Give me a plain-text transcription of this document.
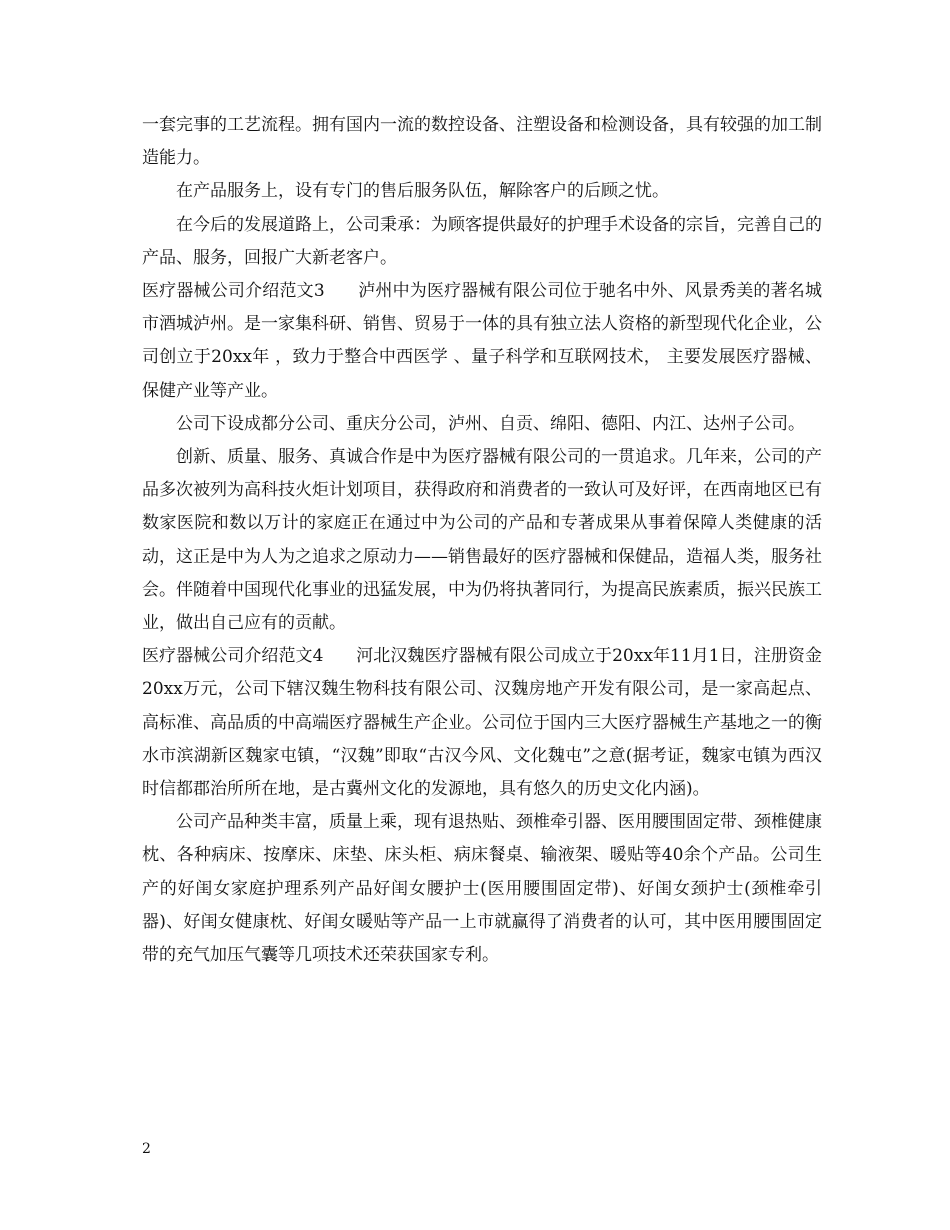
一套完事的工艺流程。拥有国内一流的数控设备、注塑设备和检测设备，具有较强的加工制造能力。

在产品服务上，设有专门的售后服务队伍，解除客户的后顾之忧。

在今后的发展道路上，公司秉承：为顾客提供最好的护理手术设备的宗旨，完善自己的产品、服务，回报广大新老客户。

医疗器械公司介绍范文3 泸州中为医疗器械有限公司位于驰名中外、风景秀美的著名城市酒城泸州。是一家集科研、销售、贸易于一体的具有独立法人资格的新型现代化企业，公司创立于20xx年 ，致力于整合中西医学 、量子科学和互联网技术， 主要发展医疗器械、保健产业等产业。

公司下设成都分公司、重庆分公司，泸州、自贡、绵阳、德阳、内江、达州子公司。

创新、质量、服务、真诚合作是中为医疗器械有限公司的一贯追求。几年来，公司的产品多次被列为高科技火炬计划项目，获得政府和消费者的一致认可及好评，在西南地区已有数家医院和数以万计的家庭正在通过中为公司的产品和专著成果从事着保障人类健康的活动，这正是中为人为之追求之原动力——销售最好的医疗器械和保健品，造福人类，服务社会。伴随着中国现代化事业的迅猛发展，中为仍将执著同行，为提高民族素质，振兴民族工业，做出自己应有的贡献。

医疗器械公司介绍范文4 河北汉魏医疗器械有限公司成立于20xx年11月1日，注册资金20xx万元，公司下辖汉魏生物科技有限公司、汉魏房地产开发有限公司，是一家高起点、高标准、高品质的中高端医疗器械生产企业。公司位于国内三大医疗器械生产基地之一的衡水市滨湖新区魏家屯镇，“汉魏”即取“古汉今风、文化魏屯”之意(据考证，魏家屯镇为西汉时信都郡治所所在地，是古冀州文化的发源地，具有悠久的历史文化内涵)。

公司产品种类丰富，质量上乘，现有退热贴、颈椎牵引器、医用腰围固定带、颈椎健康枕、各种病床、按摩床、床垫、床头柜、病床餐桌、输液架、暖贴等40余个产品。公司生产的好闺女家庭护理系列产品好闺女腰护士(医用腰围固定带)、好闺女颈护士(颈椎牵引器)、好闺女健康枕、好闺女暖贴等产品一上市就赢得了消费者的认可，其中医用腰围固定带的充气加压气囊等几项技术还荣获国家专利。

2
